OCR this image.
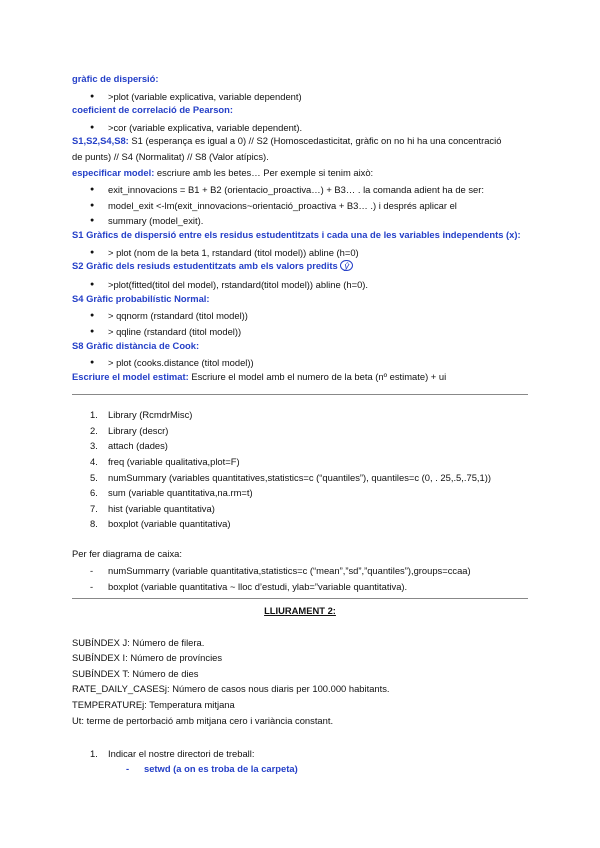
gràfic de dispersió:
● >plot (variable explicativa, variable dependent)
coeficient de correlació de Pearson:
● >cor (variable explicativa, variable dependent).
S1,S2,S4,S8: S1 (esperança es igual a 0) // S2 (Homoscedasticitat, gràfic on no hi ha una concentració
de punts) // S4 (Normalitat) // S8 (Valor atípics).
especificar model: escriure amb les betes… Per exemple si tenim això:
● exit_innovacions = B1 + B2 (orientacio_proactiva…) + B3… . la comanda adient ha de ser:
● model_exit <-lm(exit_innovacions~orientació_proactiva + B3… .) i després aplicar el
● summary (model_exit).
S1 Gràfics de dispersió entre els residus estudentitzats i cada una de les variables independents (x):
● > plot (nom de la beta 1, rstandard (titol model)) abline (h=0)
S2 Gràfic dels resiuds estudentitzats amb els valors predits ŷ
● >plot(fitted(titol del model), rstandard(titol model)) abline (h=0).
S4 Gràfic probabilístic Normal:
● > qqnorm (rstandard (titol model))
● > qqline (rstandard (titol model))
S8 Gràfic distància de Cook:
● > plot (cooks.distance (titol model))
Escriure el model estimat: Escriure el model amb el numero de la beta (nº estimate) + ui
1. Library (RcmdrMisc)
2. Library (descr)
3. attach (dades)
4. freq (variable qualitativa,plot=F)
5. numSummary (variables quantitatives,statistics=c (“quantiles”), quantiles=c (0, . 25,.5,.75,1))
6. sum (variable quantitativa,na.rm=t)
7. hist (variable quantitativa)
8. boxplot (variable quantitativa)
Per fer diagrama de caixa:
- numSummarry (variable quantitativa,statistics=c (“mean”,”sd”,”quantiles”),groups=ccaa)
- boxplot (variable quantitativa ~ lloc d’estudi, ylab=”variable quantitativa).
LLIURAMENT 2:
SUBÍNDEX J: Número de filera.
SUBÍNDEX I: Número de províncies
SUBÍNDEX T: Número de dies
RATE_DAILY_CASESj: Número de casos nous diaris per 100.000 habitants.
TEMPERATUREj: Temperatura mitjana
Ut: terme de pertorbació amb mitjana cero i variància constant.
1. Indicar el nostre directori de treball:
- setwd (a on es troba de la carpeta)
